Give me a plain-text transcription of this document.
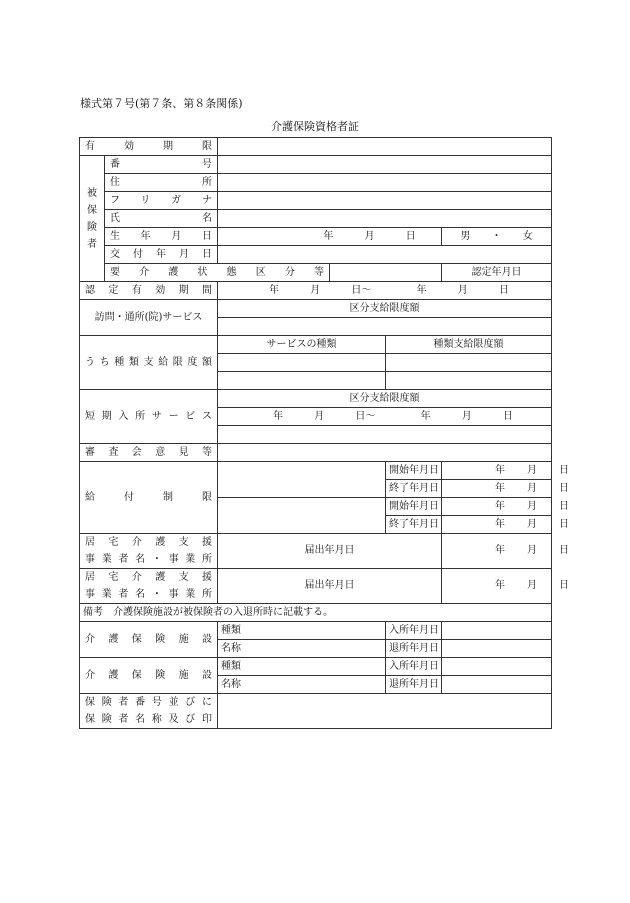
様式第７号(第７条、第８条関係)
介護保険資格者証
有効期限						

被
保
険
者	番号					
	住所					
	フリガナ					
	氏名					
	生年月日	年 月 日			男 ・ 女	
	交付年月日					
	要介護状態区分等				認定年月日	
認定有効期間		年 月 日～ 年 月 日				
訪問・通所(院)サービス		区分支給限度額				

うち種類支給限度額		サービスの種類		種類支給限度額		

短期入所サービス		区分支給限度額				
		年 月 日～ 年 月 日				

審査会意見等						
給付制限				開始年月日	年 月 日	
				終了年月日	年 月 日	
				開始年月日	年 月 日	
				終了年月日	年 月 日	

居宅介護支援
事業者名・事業所		届出年月日			年 月 日	

居宅介護支援
事業者名・事業所		届出年月日			年 月 日	
備考　介護保険施設が被保険者の入退所時に記載する。						
介護保険施設		種類		入所年月日		
		名称		退所年月日		
介護保険施設		種類		入所年月日		
		名称		退所年月日		

保険者番号並びに
保険者名称及び印						
